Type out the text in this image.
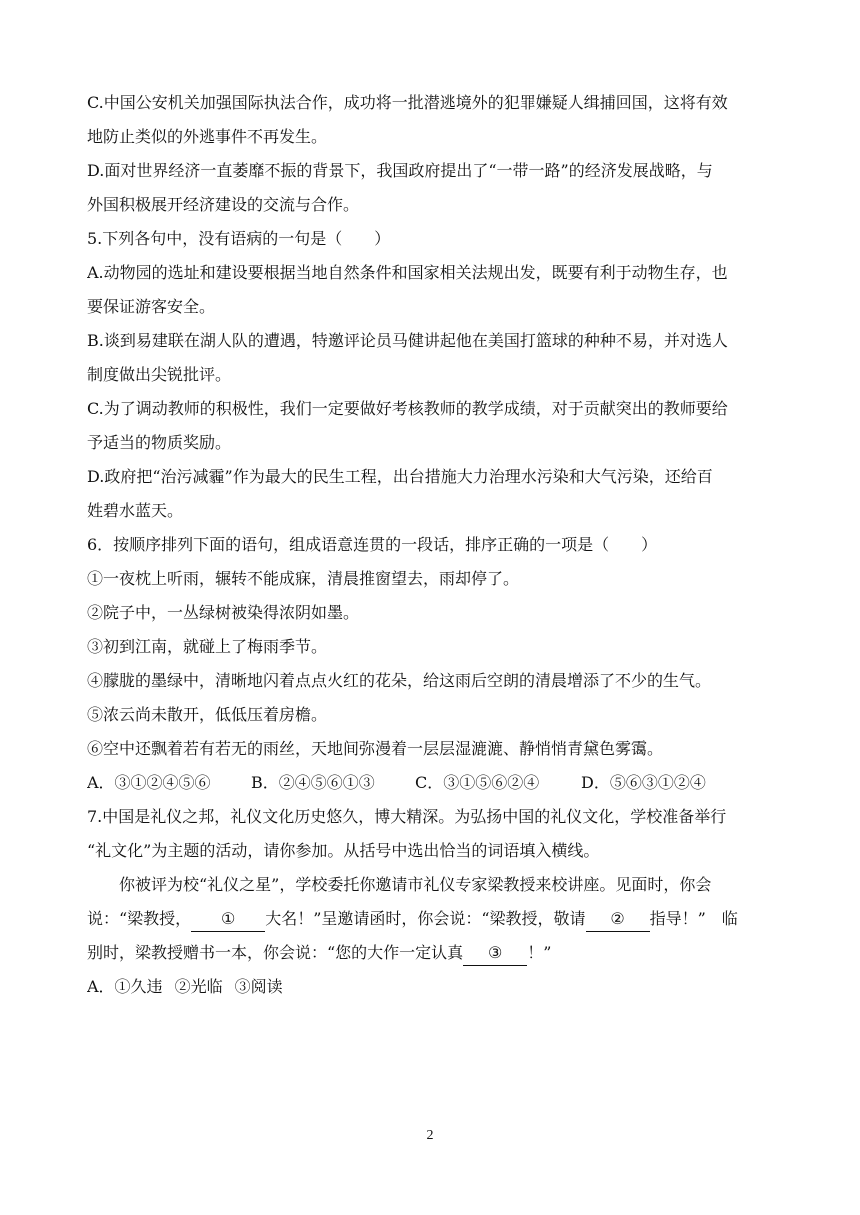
C.中国公安机关加强国际执法合作，成功将一批潜逃境外的犯罪嫌疑人缉捕回国，这将有效
地防止类似的外逃事件不再发生。
D.面对世界经济一直萎靡不振的背景下，我国政府提出了“一带一路”的经济发展战略，与
外国积极展开经济建设的交流与合作。
5.下列各句中，没有语病的一句是（　　）
A.动物园的选址和建设要根据当地自然条件和国家相关法规出发，既要有利于动物生存，也
要保证游客安全。
B.谈到易建联在湖人队的遭遇，特邀评论员马健讲起他在美国打篮球的种种不易，并对选人
制度做出尖锐批评。
C.为了调动教师的积极性，我们一定要做好考核教师的教学成绩，对于贡献突出的教师要给
予适当的物质奖励。
D.政府把“治污减霾”作为最大的民生工程，出台措施大力治理水污染和大气污染，还给百
姓碧水蓝天。
6．按顺序排列下面的语句，组成语意连贯的一段话，排序正确的一项是（　　）
①一夜枕上听雨，辗转不能成寐，清晨推窗望去，雨却停了。
②院子中，一丛绿树被染得浓阴如墨。
③初到江南，就碰上了梅雨季节。
④朦胧的墨绿中，清晰地闪着点点火红的花朵，给这雨后空朗的清晨增添了不少的生气。
⑤浓云尚未散开，低低压着房檐。
⑥空中还飘着若有若无的雨丝，天地间弥漫着一层层湿漉漉、静悄悄青黛色雾霭。
A．③①②④⑤⑥	B．②④⑤⑥①③	C．③①⑤⑥②④	D．⑤⑥③①②④
7.中国是礼仪之邦，礼仪文化历史悠久，博大精深。为弘扬中国的礼仪文化，学校准备举行
“礼文化”为主题的活动，请你参加。从括号中选出恰当的词语填入横线。
你被评为校“礼仪之星”，学校委托你邀请市礼仪专家梁教授来校讲座。见面时，你会
说：“梁教授， ① 大名！”呈邀请函时，你会说：“梁教授，敬请 ② 指导！”　临
别时，梁教授赠书一本，你会说：“您的大作一定认真 ③ ！”
A．①久违 ②光临 ③阅读
2
